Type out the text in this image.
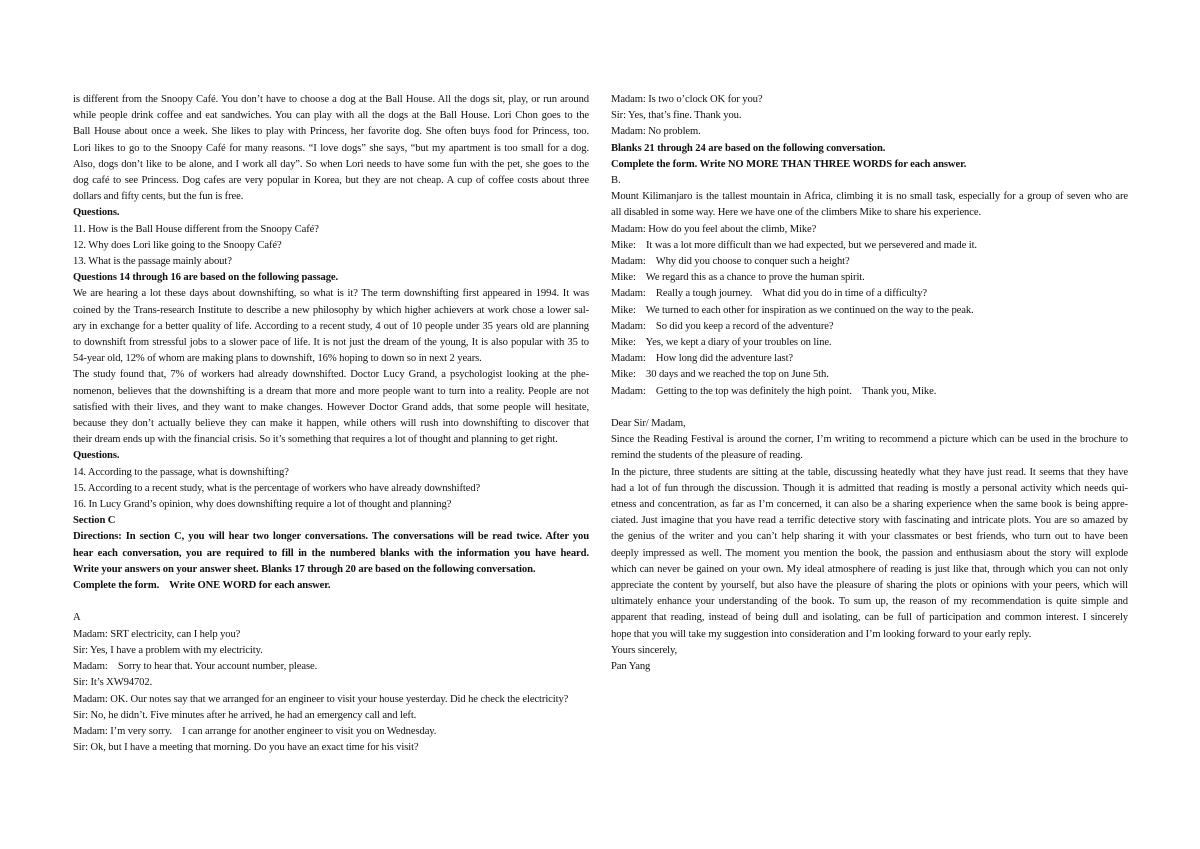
is different from the Snoopy Café. You don’t have to choose a dog at the Ball House. All the dogs sit, play, or run around
while people drink coffee and eat sandwiches. You can play with all the dogs at the Ball House. Lori Chon goes to the
Ball House about once a week. She likes to play with Princess, her favorite dog. She often buys food for Princess, too.
Lori likes to go to the Snoopy Café for many reasons. “I love dogs” she says, “but my apartment is too small for a dog.
Also, dogs don’t like to be alone, and I work all day”. So when Lori needs to have some fun with the pet, she goes to the
dog café to see Princess. Dog cafes are very popular in Korea, but they are not cheap. A cup of coffee costs about three
dollars and fifty cents, but the fun is free.
Questions.
11. How is the Ball House different from the Snoopy Café?
12. Why does Lori like going to the Snoopy Café?
13. What is the passage mainly about?
Questions 14 through 16 are based on the following passage.
We are hearing a lot these days about downshifting, so what is it? The term downshifting first appeared in 1994. It was
coined by the Trans-research Institute to describe a new philosophy by which higher achievers at work chose a lower sal-
ary in exchange for a better quality of life. According to a recent study, 4 out of 10 people under 35 years old are planning
to downshift from stressful jobs to a slower pace of life. It is not just the dream of the young, It is also popular with 35 to
54-year old, 12% of whom are making plans to downshift, 16% hoping to down so in next 2 years.
The study found that, 7% of workers had already downshifted. Doctor Lucy Grand, a psychologist looking at the phe-
nomenon, believes that the downshifting is a dream that more and more people want to turn into a reality. People are not
satisfied with their lives, and they want to make changes. However Doctor Grand adds, that some people will hesitate,
because they don’t actually believe they can make it happen, while others will rush into downshifting to discover that
their dream ends up with the financial crisis. So it’s something that requires a lot of thought and planning to get right.
Questions.
14. According to the passage, what is downshifting?
15. According to a recent study, what is the percentage of workers who have already downshifted?
16. In Lucy Grand’s opinion, why does downshifting require a lot of thought and planning?
Section C
Directions: In section C, you will hear two longer conversations. The conversations will be read twice. After you
hear each conversation, you are required to fill in the numbered blanks with the information you have heard.
Write your answers on your answer sheet. Blanks 17 through 20 are based on the following conversation.
Complete the form.    Write ONE WORD for each answer.
A
Madam: SRT electricity, can I help you?
Sir: Yes, I have a problem with my electricity.
Madam:    Sorry to hear that. Your account number, please.
Sir: It’s XW94702.
Madam: OK. Our notes say that we arranged for an engineer to visit your house yesterday. Did he check the electricity?
Sir: No, he didn’t. Five minutes after he arrived, he had an emergency call and left.
Madam: I’m very sorry.    I can arrange for another engineer to visit you on Wednesday.
Sir: Ok, but I have a meeting that morning. Do you have an exact time for his visit?
Madam: Is two o’clock OK for you?
Sir: Yes, that’s fine. Thank you.
Madam: No problem.
Blanks 21 through 24 are based on the following conversation.
Complete the form. Write NO MORE THAN THREE WORDS for each answer.
B.
Mount Kilimanjaro is the tallest mountain in Africa, climbing it is no small task, especially for a group of seven who are
all disabled in some way. Here we have one of the climbers Mike to share his experience.
Madam: How do you feel about the climb, Mike?
Mike:    It was a lot more difficult than we had expected, but we persevered and made it.
Madam:    Why did you choose to conquer such a height?
Mike:    We regard this as a chance to prove the human spirit.
Madam:    Really a tough journey.    What did you do in time of a difficulty?
Mike:    We turned to each other for inspiration as we continued on the way to the peak.
Madam:    So did you keep a record of the adventure?
Mike:    Yes, we kept a diary of your troubles on line.
Madam:    How long did the adventure last?
Mike:    30 days and we reached the top on June 5th.
Madam:    Getting to the top was definitely the high point.    Thank you, Mike.
Dear Sir/ Madam,
Since the Reading Festival is around the corner, I’m writing to recommend a picture which can be used in the brochure to
remind the students of the pleasure of reading.
In the picture, three students are sitting at the table, discussing heatedly what they have just read. It seems that they have
had a lot of fun through the discussion. Though it is admitted that reading is mostly a personal activity which needs qui-
etness and concentration, as far as I’m concerned, it can also be a sharing experience when the same book is being appre-
ciated. Just imagine that you have read a terrific detective story with fascinating and intricate plots. You are so amazed by
the genius of the writer and you can’t help sharing it with your classmates or best friends, who turn out to have been
deeply impressed as well. The moment you mention the book, the passion and enthusiasm about the story will explode
which can never be gained on your own. My ideal atmosphere of reading is just like that, through which you can not only
appreciate the content by yourself, but also have the pleasure of sharing the plots or opinions with your peers, which will
ultimately enhance your understanding of the book. To sum up, the reason of my recommendation is quite simple and
apparent that reading, instead of being dull and isolating, can be full of participation and common interest. I sincerely
hope that you will take my suggestion into consideration and I’m looking forward to your early reply.
Yours sincerely,
Pan Yang
